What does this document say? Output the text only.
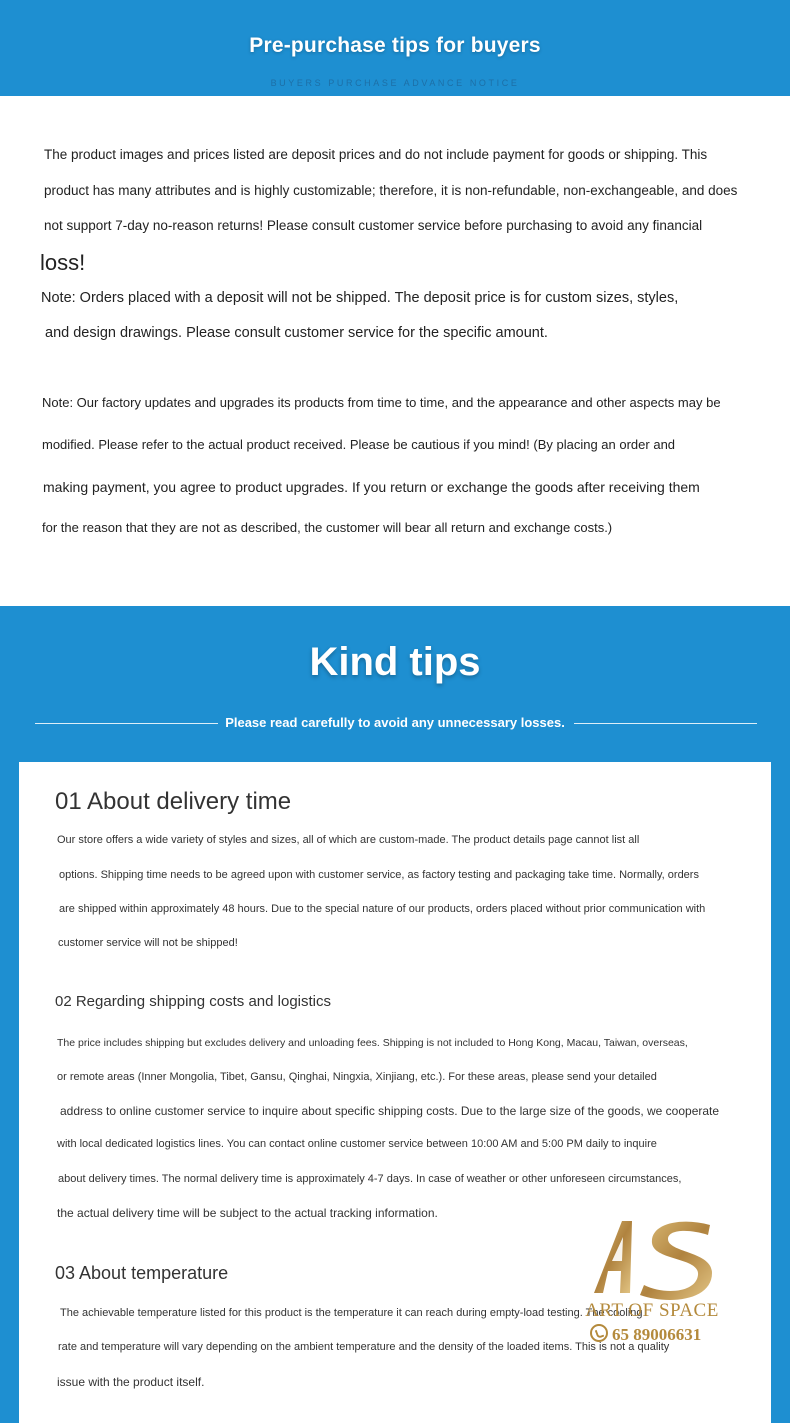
Pre-purchase tips for buyers
BUYERS PURCHASE ADVANCE NOTICE
The product images and prices listed are deposit prices and do not include payment for goods or shipping. This
product has many attributes and is highly customizable; therefore, it is non-refundable, non-exchangeable, and does
not support 7-day no-reason returns! Please consult customer service before purchasing to avoid any financial
loss!
Note: Orders placed with a deposit will not be shipped. The deposit price is for custom sizes, styles,
and design drawings. Please consult customer service for the specific amount.
Note: Our factory updates and upgrades its products from time to time, and the appearance and other aspects may be
modified. Please refer to the actual product received. Please be cautious if you mind! (By placing an order and
making payment, you agree to product upgrades. If you return or exchange the goods after receiving them
for the reason that they are not as described, the customer will bear all return and exchange costs.)
Kind tips
Please read carefully to avoid any unnecessary losses.
01 About delivery time
Our store offers a wide variety of styles and sizes, all of which are custom-made. The product details page cannot list all
options. Shipping time needs to be agreed upon with customer service, as factory testing and packaging take time. Normally, orders
are shipped within approximately 48 hours. Due to the special nature of our products, orders placed without prior communication with
customer service will not be shipped!
02 Regarding shipping costs and logistics
The price includes shipping but excludes delivery and unloading fees. Shipping is not included to Hong Kong, Macau, Taiwan, overseas,
or remote areas (Inner Mongolia, Tibet, Gansu, Qinghai, Ningxia, Xinjiang, etc.). For these areas, please send your detailed
address to online customer service to inquire about specific shipping costs. Due to the large size of the goods, we cooperate
with local dedicated logistics lines. You can contact online customer service between 10:00 AM and 5:00 PM daily to inquire
about delivery times. The normal delivery time is approximately 4-7 days. In case of weather or other unforeseen circumstances,
the actual delivery time will be subject to the actual tracking information.
03 About temperature
The achievable temperature listed for this product is the temperature it can reach during empty-load testing. The cooling
rate and temperature will vary depending on the ambient temperature and the density of the loaded items. This is not a quality
issue with the product itself.
ART OF SPACE
65 89006631
